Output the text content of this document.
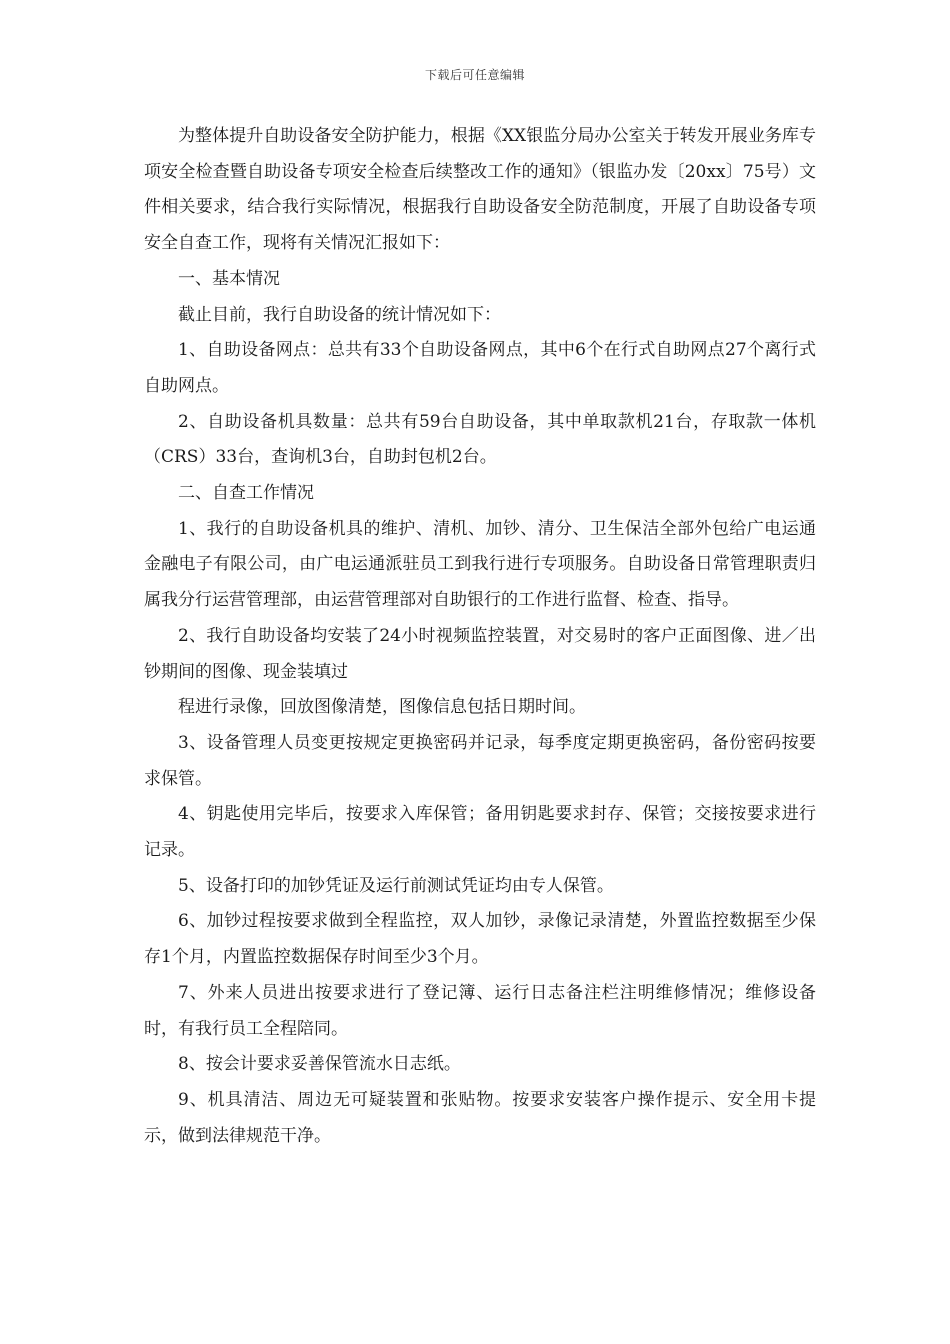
下载后可任意编辑

为整体提升自助设备安全防护能力，根据《XX银监分局办公室关于转发开展业务库专项安全检查暨自助设备专项安全检查后续整改工作的通知》（银监办发〔20xx〕75号）文件相关要求，结合我行实际情况，根据我行自助设备安全防范制度，开展了自助设备专项安全自查工作，现将有关情况汇报如下：

一、基本情况

截止目前，我行自助设备的统计情况如下：

1、自助设备网点：总共有33个自助设备网点，其中6个在行式自助网点27个离行式自助网点。

2、自助设备机具数量：总共有59台自助设备，其中单取款机21台，存取款一体机（CRS）33台，查询机3台，自助封包机2台。

二、自查工作情况

1、我行的自助设备机具的维护、清机、加钞、清分、卫生保洁全部外包给广电运通金融电子有限公司，由广电运通派驻员工到我行进行专项服务。自助设备日常管理职责归属我分行运营管理部，由运营管理部对自助银行的工作进行监督、检查、指导。

2、我行自助设备均安装了24小时视频监控装置，对交易时的客户正面图像、进／出钞期间的图像、现金装填过

程进行录像，回放图像清楚，图像信息包括日期时间。

3、设备管理人员变更按规定更换密码并记录，每季度定期更换密码，备份密码按要求保管。

4、钥匙使用完毕后，按要求入库保管；备用钥匙要求封存、保管；交接按要求进行记录。

5、设备打印的加钞凭证及运行前测试凭证均由专人保管。

6、加钞过程按要求做到全程监控，双人加钞，录像记录清楚，外置监控数据至少保存1个月，内置监控数据保存时间至少3个月。

7、外来人员进出按要求进行了登记簿、运行日志备注栏注明维修情况；维修设备时，有我行员工全程陪同。

8、按会计要求妥善保管流水日志纸。

9、机具清洁、周边无可疑装置和张贴物。按要求安装客户操作提示、安全用卡提示，做到法律规范干净。
